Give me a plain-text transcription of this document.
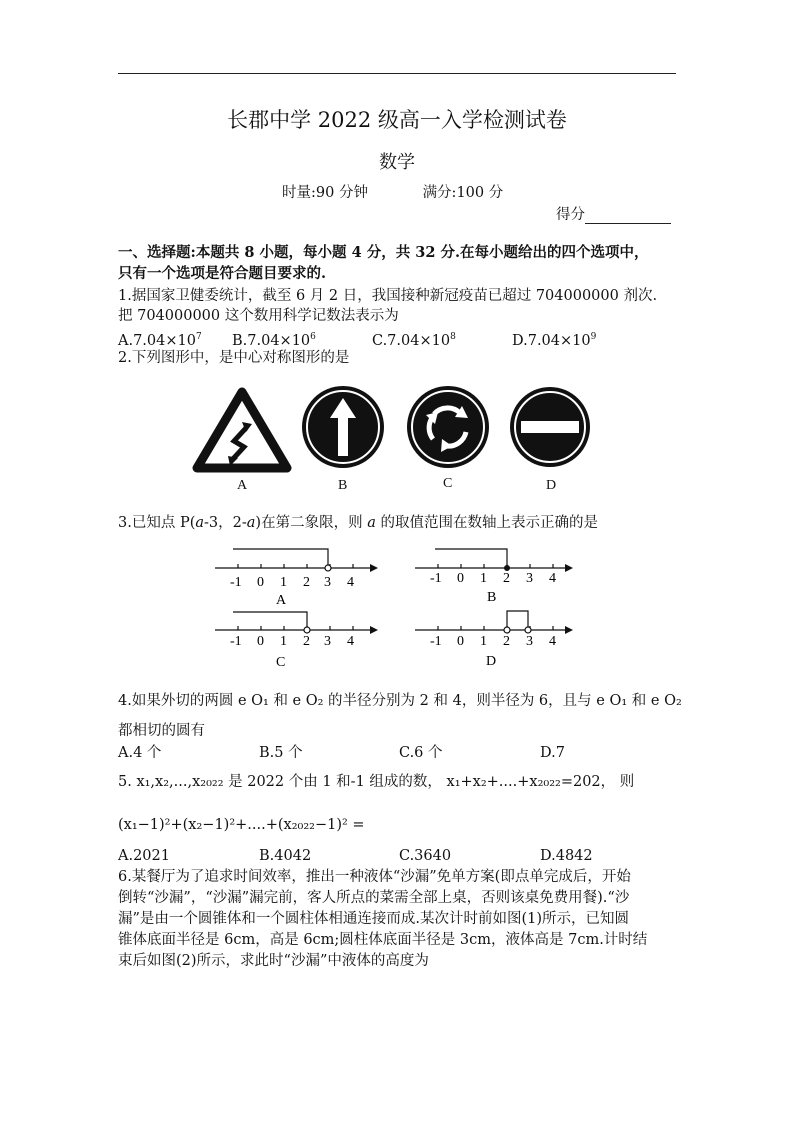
长郡中学 2022 级高一入学检测试卷
数学
时量:90 分钟	满分:100 分
得分
一、选择题:本题共 8 小题，每小题 4 分，共 32 分.在每小题给出的四个选项中，
只有一个选项是符合题目要求的.
1.据国家卫健委统计，截至 6 月 2 日，我国接种新冠疫苗已超过 704000000 剂次.
把 704000000 这个数用科学记数法表示为
$A.7.04\times 10^7$ $B.7.04\times 10^6$	$C.7.04\times 10^8$	$D.7.04\times 10^9$
2.下列图形中，是中心对称图形的是
A	B	C	D
3.已知点 P(a-3，2-a)在第二象限，则 a 的取值范围在数轴上表示正确的是
-1 0 1 2 3 4
A
-1 0 1 2 3 4
B
-1 0 1 2 3 4
C
-1 0 1 2 3 4
D
4.如果外切的两圆 e O₁ 和 e O₂ 的半径分别为 2 和 4，则半径为 6，且与 e O₁ 和 e O₂
都相切的圆有
A.4 个	B.5 个	C.6 个	D.7
5. x₁,x₂,...,x₂₀₂₂ 是 2022 个由 1 和-1 组成的数， x₁+x₂+....+x₂₀₂₂=202， 则
(x₁−1)²+(x₂−1)²+....+(x₂₀₂₂−1)² =
A.2021	B.4042	C.3640	D.4842
6.某餐厅为了追求时间效率，推出一种液体“沙漏”免单方案(即点单完成后，开始
倒转“沙漏”，“沙漏”漏完前，客人所点的菜需全部上桌，否则该桌免费用餐).“沙
漏”是由一个圆锥体和一个圆柱体相通连接而成.某次计时前如图(1)所示，已知圆
锥体底面半径是 6cm，高是 6cm;圆柱体底面半径是 3cm，液体高是 7cm.计时结
束后如图(2)所示，求此时“沙漏”中液体的高度为
